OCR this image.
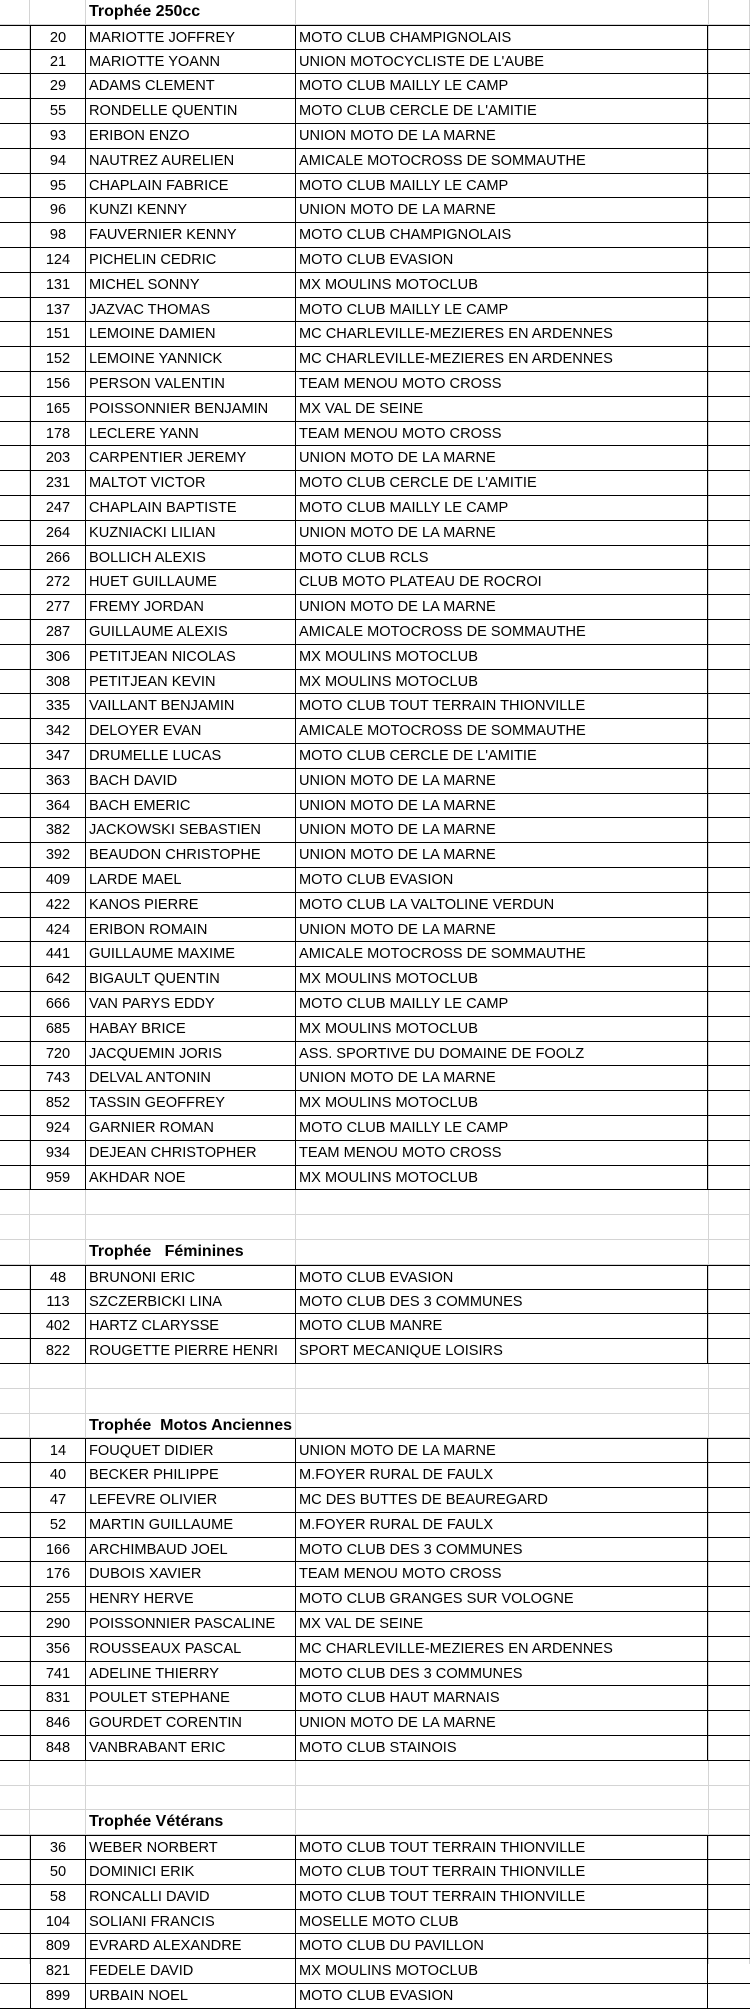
Trophée 250cc
20	MARIOTTE JOFFREY	MOTO CLUB CHAMPIGNOLAIS
21	MARIOTTE YOANN	UNION MOTOCYCLISTE DE L'AUBE
29	ADAMS CLEMENT	MOTO CLUB MAILLY LE CAMP
55	RONDELLE QUENTIN	MOTO CLUB CERCLE DE L'AMITIE
93	ERIBON ENZO	UNION MOTO DE LA MARNE
94	NAUTREZ AURELIEN	AMICALE MOTOCROSS DE SOMMAUTHE
95	CHAPLAIN FABRICE	MOTO CLUB MAILLY LE CAMP
96	KUNZI KENNY	UNION MOTO DE LA MARNE
98	FAUVERNIER KENNY	MOTO CLUB CHAMPIGNOLAIS
124	PICHELIN CEDRIC	MOTO CLUB EVASION
131	MICHEL SONNY	MX MOULINS MOTOCLUB
137	JAZVAC THOMAS	MOTO CLUB MAILLY LE CAMP
151	LEMOINE DAMIEN	MC CHARLEVILLE-MEZIERES EN ARDENNES
152	LEMOINE YANNICK	MC CHARLEVILLE-MEZIERES EN ARDENNES
156	PERSON VALENTIN	TEAM MENOU MOTO CROSS
165	POISSONNIER BENJAMIN	MX VAL DE SEINE
178	LECLERE YANN	TEAM MENOU MOTO CROSS
203	CARPENTIER JEREMY	UNION MOTO DE LA MARNE
231	MALTOT VICTOR	MOTO CLUB CERCLE DE L'AMITIE
247	CHAPLAIN BAPTISTE	MOTO CLUB MAILLY LE CAMP
264	KUZNIACKI LILIAN	UNION MOTO DE LA MARNE
266	BOLLICH ALEXIS	MOTO CLUB RCLS
272	HUET GUILLAUME	CLUB MOTO PLATEAU DE ROCROI
277	FREMY JORDAN	UNION MOTO DE LA MARNE
287	GUILLAUME ALEXIS	AMICALE MOTOCROSS DE SOMMAUTHE
306	PETITJEAN NICOLAS	MX MOULINS MOTOCLUB
308	PETITJEAN KEVIN	MX MOULINS MOTOCLUB
335	VAILLANT BENJAMIN	MOTO CLUB TOUT TERRAIN THIONVILLE
342	DELOYER EVAN	AMICALE MOTOCROSS DE SOMMAUTHE
347	DRUMELLE LUCAS	MOTO CLUB CERCLE DE L'AMITIE
363	BACH DAVID	UNION MOTO DE LA MARNE
364	BACH EMERIC	UNION MOTO DE LA MARNE
382	JACKOWSKI SEBASTIEN	UNION MOTO DE LA MARNE
392	BEAUDON CHRISTOPHE	UNION MOTO DE LA MARNE
409	LARDE MAEL	MOTO CLUB EVASION
422	KANOS PIERRE	MOTO CLUB LA VALTOLINE VERDUN
424	ERIBON ROMAIN	UNION MOTO DE LA MARNE
441	GUILLAUME MAXIME	AMICALE MOTOCROSS DE SOMMAUTHE
642	BIGAULT QUENTIN	MX MOULINS MOTOCLUB
666	VAN PARYS EDDY	MOTO CLUB MAILLY LE CAMP
685	HABAY BRICE	MX MOULINS MOTOCLUB
720	JACQUEMIN JORIS	ASS. SPORTIVE DU DOMAINE DE FOOLZ
743	DELVAL ANTONIN	UNION MOTO DE LA MARNE
852	TASSIN GEOFFREY	MX MOULINS MOTOCLUB
924	GARNIER ROMAN	MOTO CLUB MAILLY LE CAMP
934	DEJEAN CHRISTOPHER	TEAM MENOU MOTO CROSS
959	AKHDAR NOE	MX MOULINS MOTOCLUB
Trophée   Féminines
48	BRUNONI ERIC	MOTO CLUB EVASION
113	SZCZERBICKI LINA	MOTO CLUB DES 3 COMMUNES
402	HARTZ CLARYSSE	MOTO CLUB MANRE
822	ROUGETTE PIERRE HENRI	SPORT MECANIQUE LOISIRS
Trophée  Motos Anciennes
14	FOUQUET DIDIER	UNION MOTO DE LA MARNE
40	BECKER PHILIPPE	M.FOYER RURAL DE FAULX
47	LEFEVRE OLIVIER	MC DES BUTTES DE BEAUREGARD
52	MARTIN GUILLAUME	M.FOYER RURAL DE FAULX
166	ARCHIMBAUD JOEL	MOTO CLUB DES 3 COMMUNES
176	DUBOIS XAVIER	TEAM MENOU MOTO CROSS
255	HENRY HERVE	MOTO CLUB GRANGES SUR VOLOGNE
290	POISSONNIER PASCALINE	MX VAL DE SEINE
356	ROUSSEAUX PASCAL	MC CHARLEVILLE-MEZIERES EN ARDENNES
741	ADELINE THIERRY	MOTO CLUB DES 3 COMMUNES
831	POULET STEPHANE	MOTO CLUB HAUT MARNAIS
846	GOURDET CORENTIN	UNION MOTO DE LA MARNE
848	VANBRABANT ERIC	MOTO CLUB STAINOIS
Trophée Vétérans
36	WEBER NORBERT	MOTO CLUB TOUT TERRAIN THIONVILLE
50	DOMINICI ERIK	MOTO CLUB TOUT TERRAIN THIONVILLE
58	RONCALLI DAVID	MOTO CLUB TOUT TERRAIN THIONVILLE
104	SOLIANI FRANCIS	MOSELLE MOTO CLUB
809	EVRARD ALEXANDRE	MOTO CLUB DU PAVILLON
821	FEDELE DAVID	MX MOULINS MOTOCLUB
899	URBAIN NOEL	MOTO CLUB EVASION
